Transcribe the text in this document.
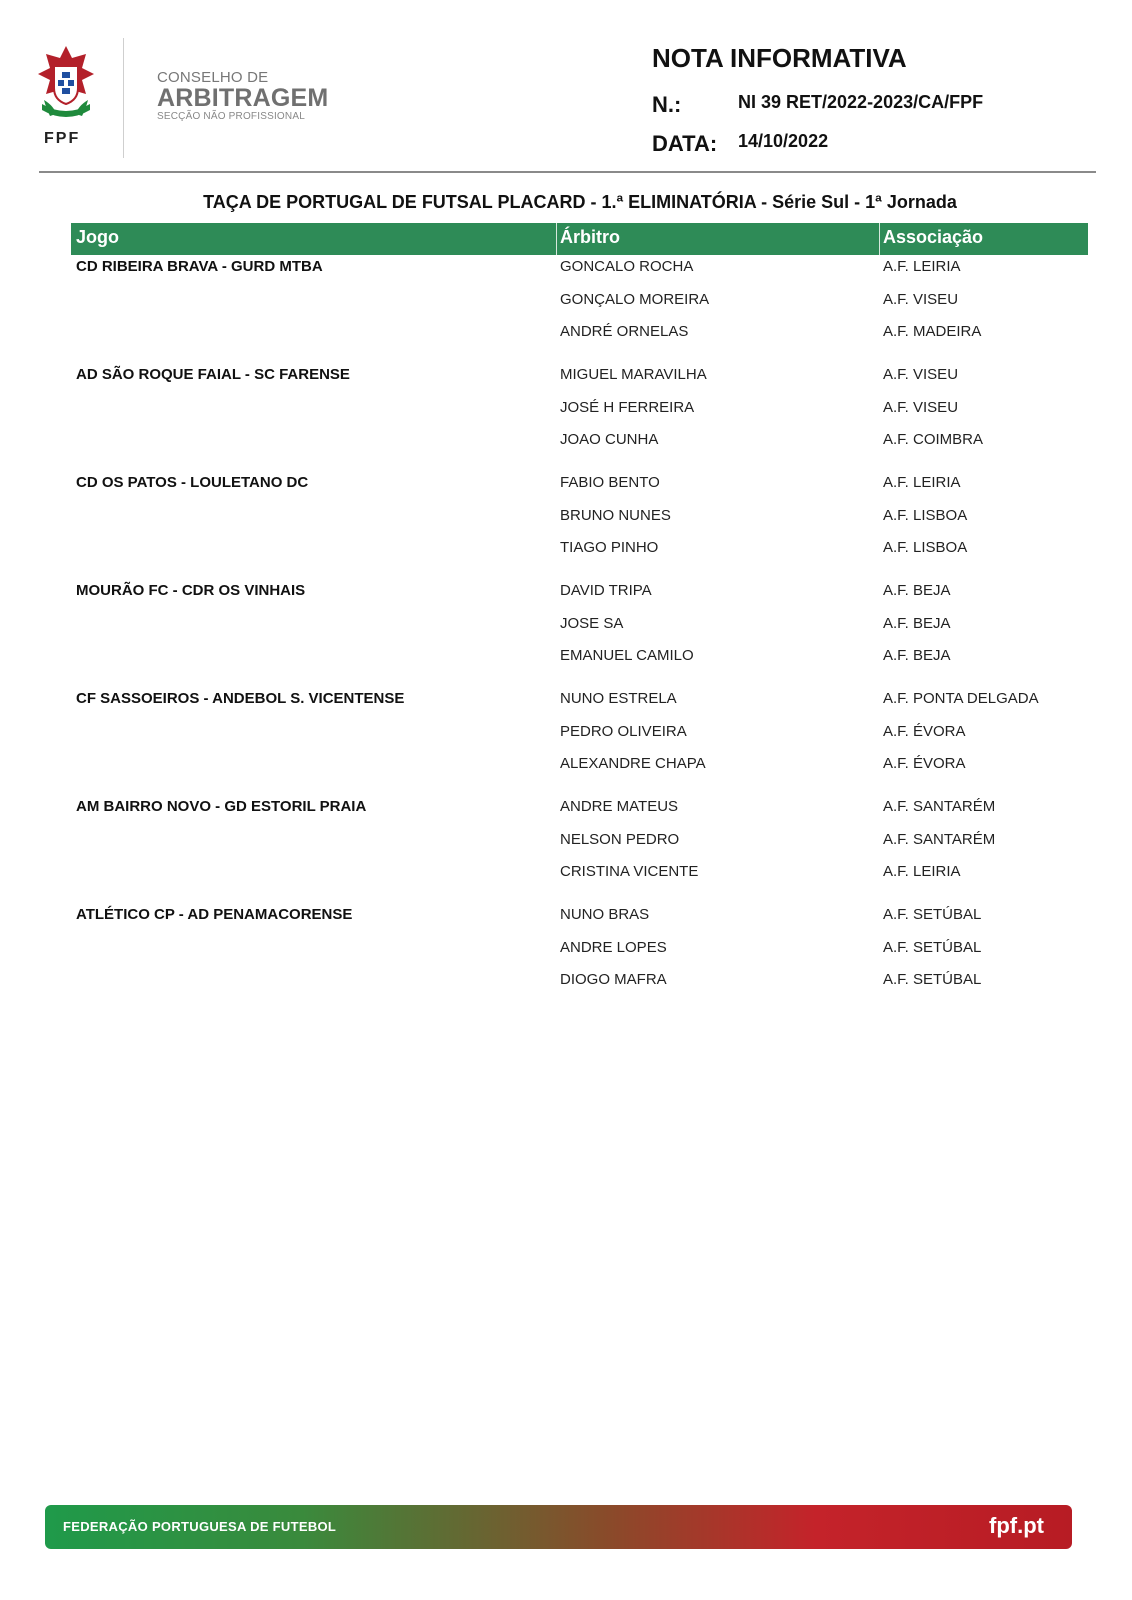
FPF
CONSELHO DE
ARBITRAGEM
SECÇÃO NÃO PROFISSIONAL
NOTA INFORMATIVA
N.:	NI 39 RET/2022-2023/CA/FPF
DATA: 14/10/2022
TAÇA DE PORTUGAL DE FUTSAL PLACARD - 1.ª ELIMINATÓRIA - Série Sul - 1ª Jornada
Jogo	Árbitro	Associação
CD RIBEIRA BRAVA - GURD MTBA	GONCALO ROCHA	A.F. LEIRIA
GONÇALO MOREIRA	A.F. VISEU
ANDRÉ ORNELAS	A.F. MADEIRA
AD SÃO ROQUE FAIAL - SC FARENSE	MIGUEL MARAVILHA	A.F. VISEU
JOSÉ H FERREIRA	A.F. VISEU
JOAO CUNHA	A.F. COIMBRA
CD OS PATOS - LOULETANO DC	FABIO BENTO	A.F. LEIRIA
BRUNO NUNES	A.F. LISBOA
TIAGO PINHO	A.F. LISBOA
MOURÃO FC - CDR OS VINHAIS	DAVID TRIPA	A.F. BEJA
JOSE SA	A.F. BEJA
EMANUEL CAMILO	A.F. BEJA
CF SASSOEIROS - ANDEBOL S. VICENTENSE	NUNO ESTRELA	A.F. PONTA DELGADA
PEDRO OLIVEIRA	A.F. ÉVORA
ALEXANDRE CHAPA	A.F. ÉVORA
AM BAIRRO NOVO - GD ESTORIL PRAIA	ANDRE MATEUS	A.F. SANTARÉM
NELSON PEDRO	A.F. SANTARÉM
CRISTINA VICENTE	A.F. LEIRIA
ATLÉTICO CP - AD PENAMACORENSE	NUNO BRAS	A.F. SETÚBAL
ANDRE LOPES	A.F. SETÚBAL
DIOGO MAFRA	A.F. SETÚBAL
FEDERAÇÃO PORTUGUESA DE FUTEBOL	fpf.pt
